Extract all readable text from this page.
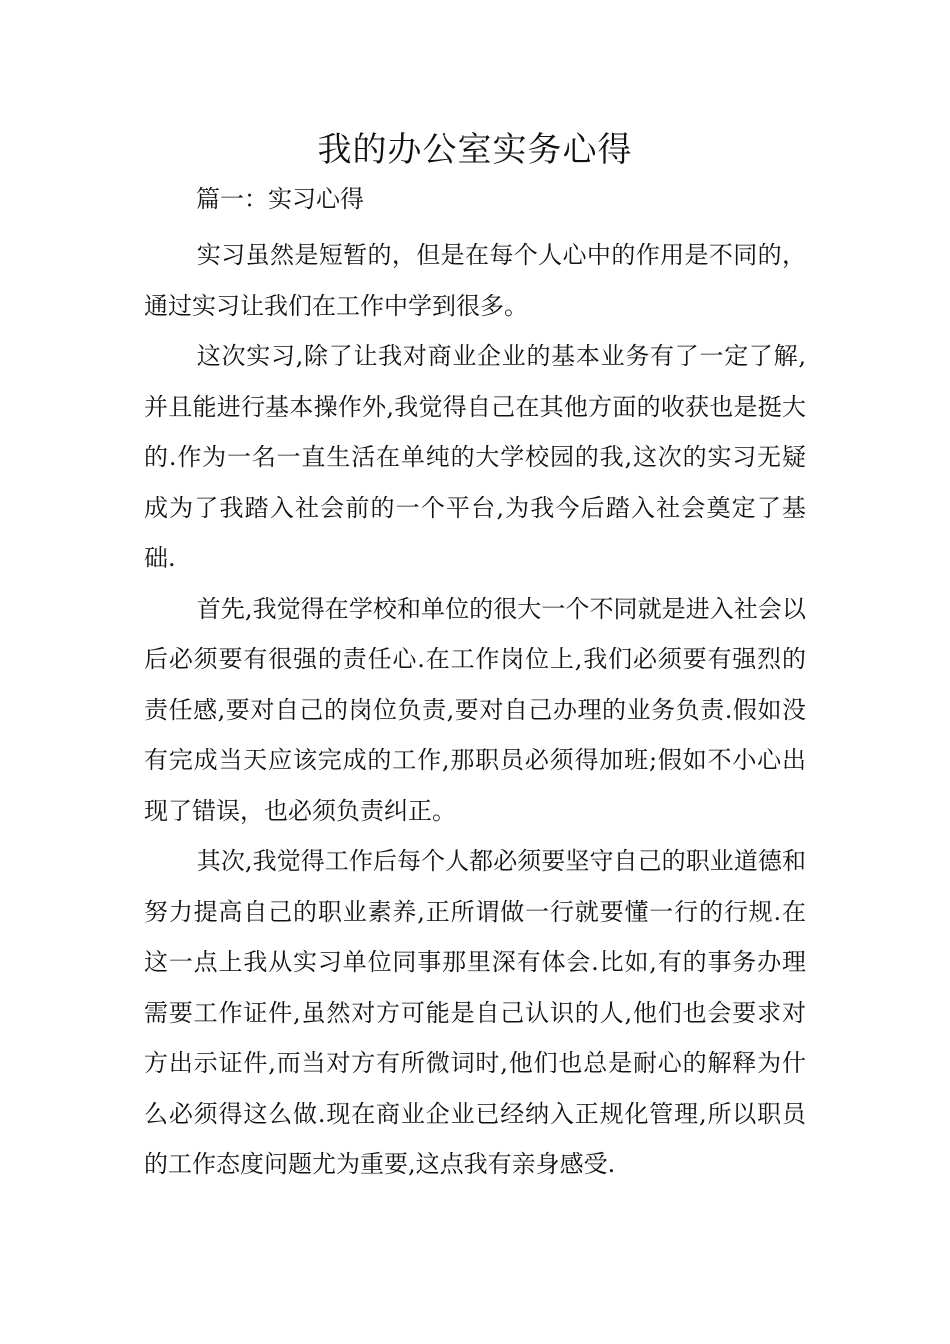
我的办公室实务心得
篇一：实习心得

实习虽然是短暂的，但是在每个人心中的作用是不同的，通过实习让我们在工作中学到很多。

这次实习,除了让我对商业企业的基本业务有了一定了解,并且能进行基本操作外,我觉得自己在其他方面的收获也是挺大的.作为一名一直生活在单纯的大学校园的我,这次的实习无疑成为了我踏入社会前的一个平台,为我今后踏入社会奠定了基础.

首先,我觉得在学校和单位的很大一个不同就是进入社会以后必须要有很强的责任心.在工作岗位上,我们必须要有强烈的责任感,要对自己的岗位负责,要对自己办理的业务负责.假如没有完成当天应该完成的工作,那职员必须得加班;假如不小心出现了错误，也必须负责纠正。

其次,我觉得工作后每个人都必须要坚守自己的职业道德和努力提高自己的职业素养,正所谓做一行就要懂一行的行规.在这一点上我从实习单位同事那里深有体会.比如,有的事务办理需要工作证件,虽然对方可能是自己认识的人,他们也会要求对方出示证件,而当对方有所微词时,他们也总是耐心的解释为什么必须得这么做.现在商业企业已经纳入正规化管理,所以职员的工作态度问题尤为重要,这点我有亲身感受.
